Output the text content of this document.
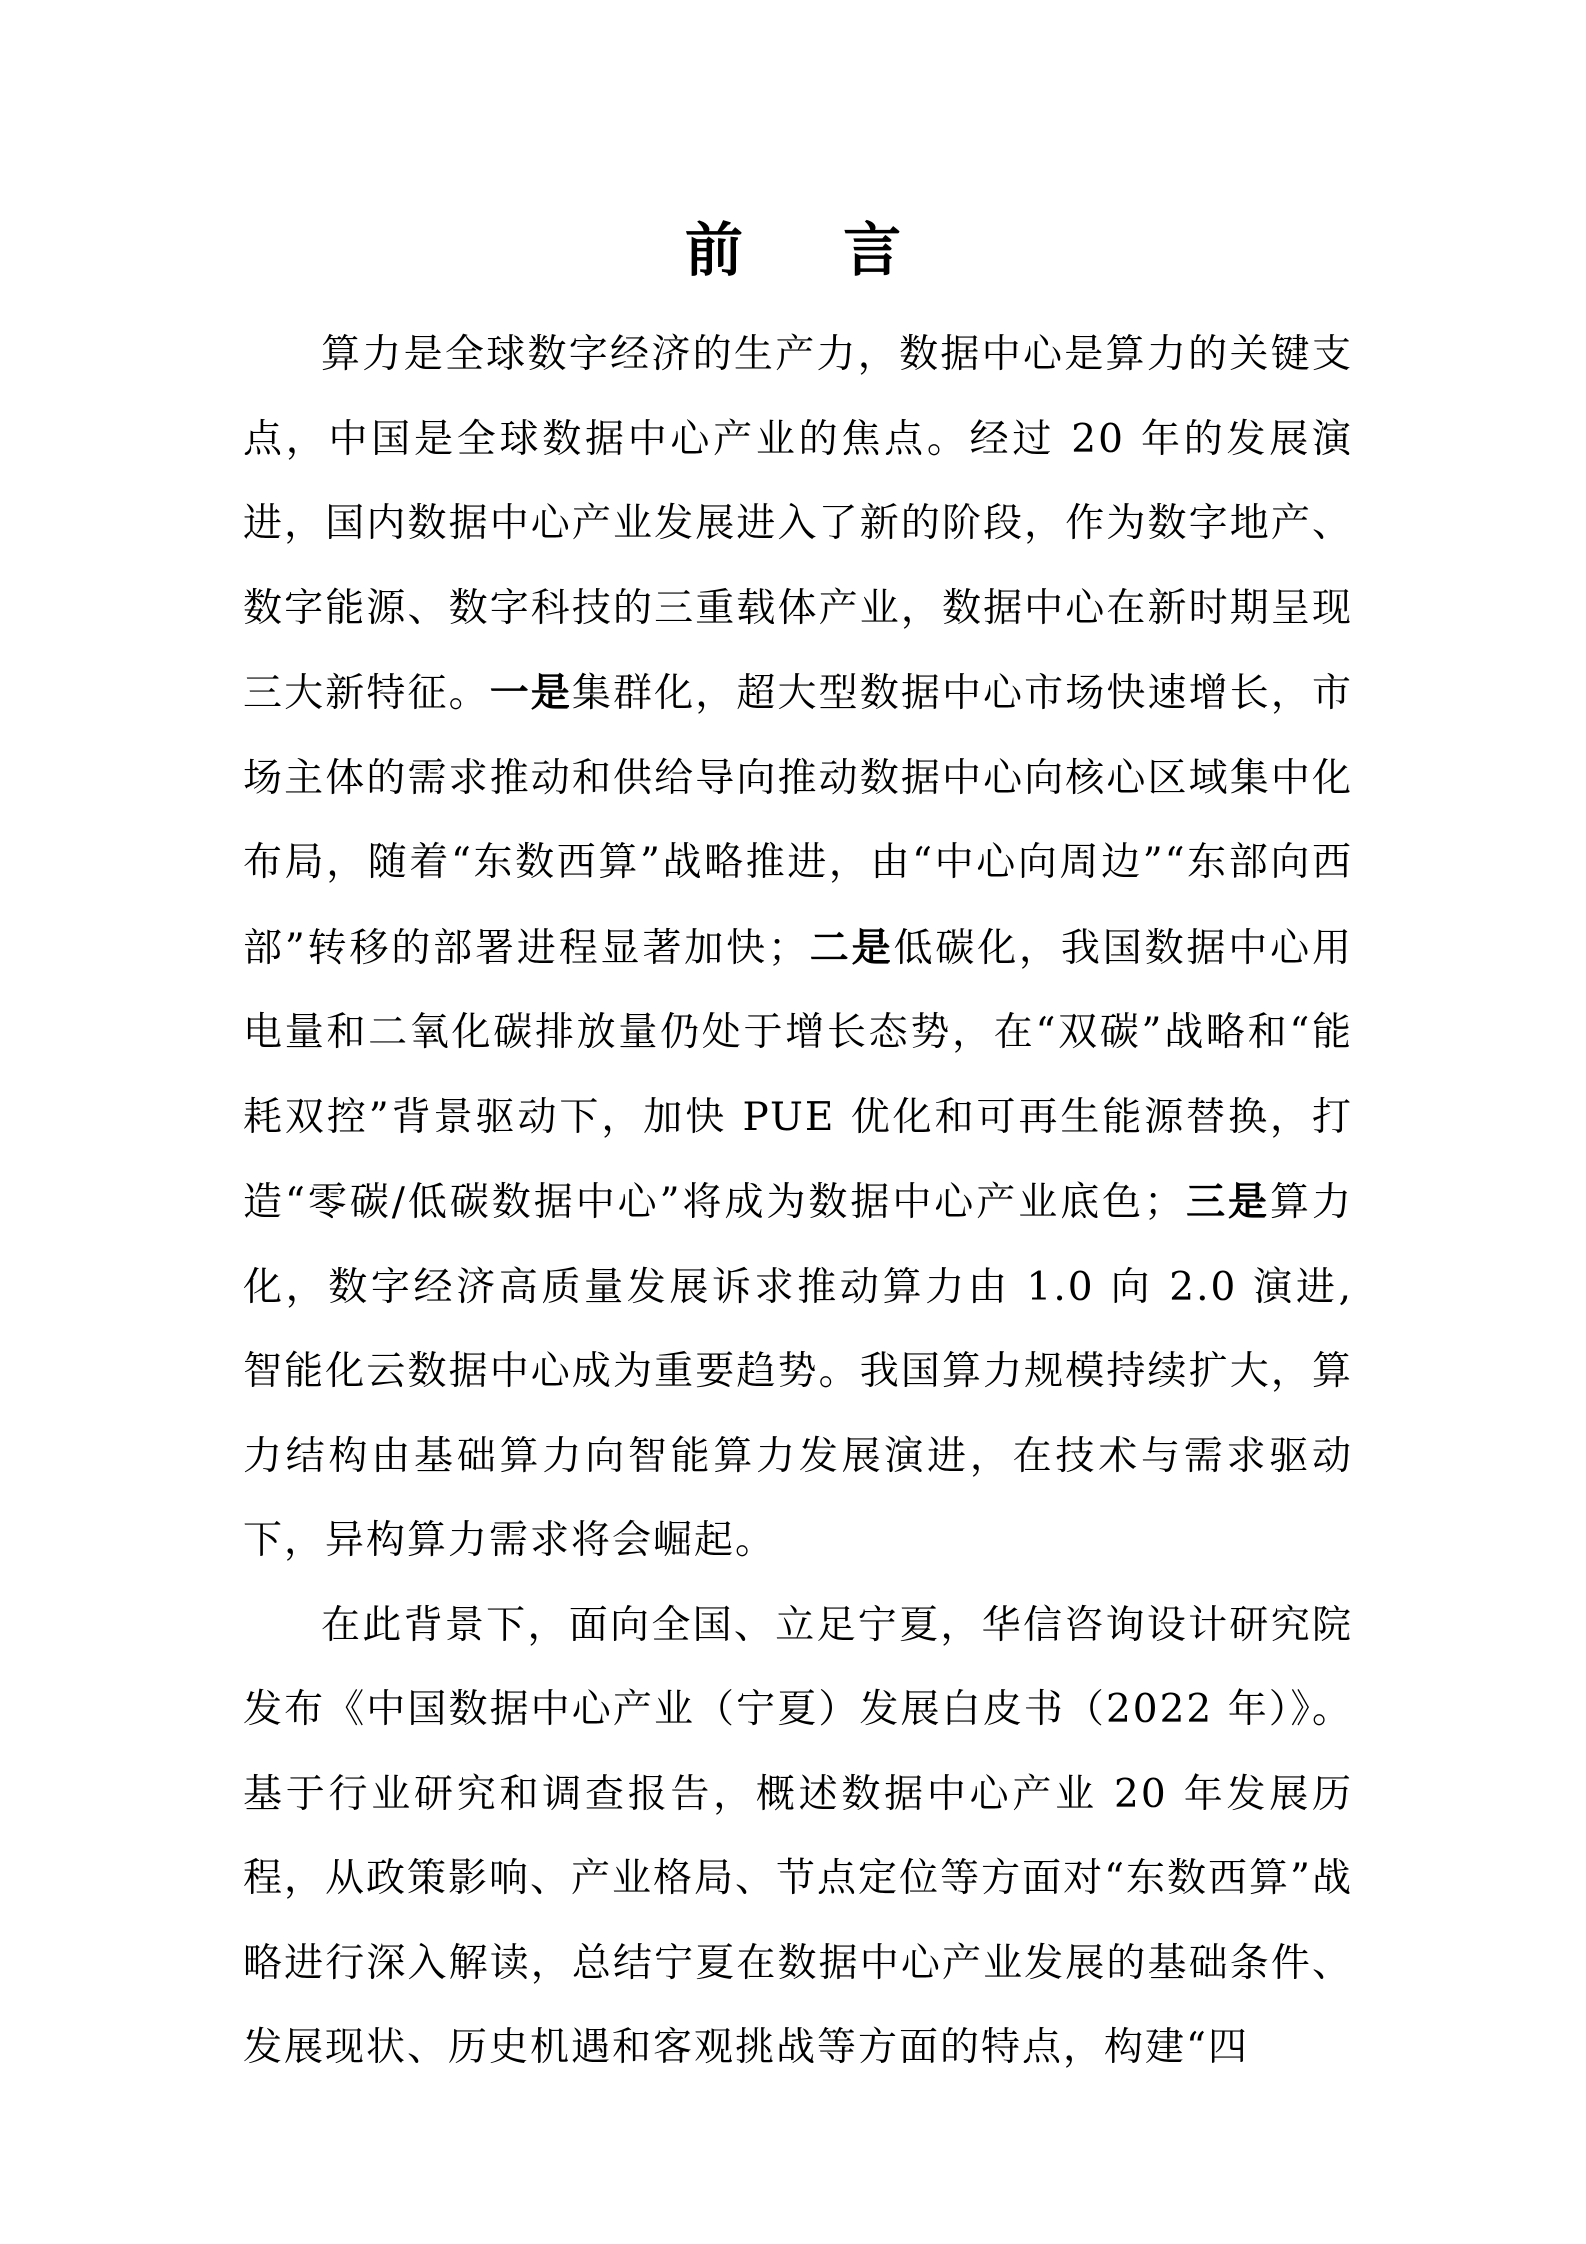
前 言

算力是全球数字经济的生产力，数据中心是算力的关键支点，中国是全球数据中心产业的焦点。经过 20 年的发展演进，国内数据中心产业发展进入了新的阶段，作为数字地产、数字能源、数字科技的三重载体产业，数据中心在新时期呈现三大新特征。一是集群化，超大型数据中心市场快速增长，市场主体的需求推动和供给导向推动数据中心向核心区域集中化布局，随着“东数西算”战略推进，由“中心向周边”“东部向西部”转移的部署进程显著加快；二是低碳化，我国数据中心用电量和二氧化碳排放量仍处于增长态势，在“双碳”战略和“能耗双控”背景驱动下，加快 PUE 优化和可再生能源替换，打造“零碳/低碳数据中心”将成为数据中心产业底色；三是算力化，数字经济高质量发展诉求推动算力由 1.0 向 2.0 演进,智能化云数据中心成为重要趋势。我国算力规模持续扩大，算力结构由基础算力向智能算力发展演进，在技术与需求驱动下，异构算力需求将会崛起。

在此背景下，面向全国、立足宁夏，华信咨询设计研究院发布《中国数据中心产业（宁夏）发展白皮书（2022 年）》。基于行业研究和调查报告，概述数据中心产业 20 年发展历程，从政策影响、产业格局、节点定位等方面对“东数西算”战略进行深入解读，总结宁夏在数据中心产业发展的基础条件、发展现状、历史机遇和客观挑战等方面的特点，构建“四
